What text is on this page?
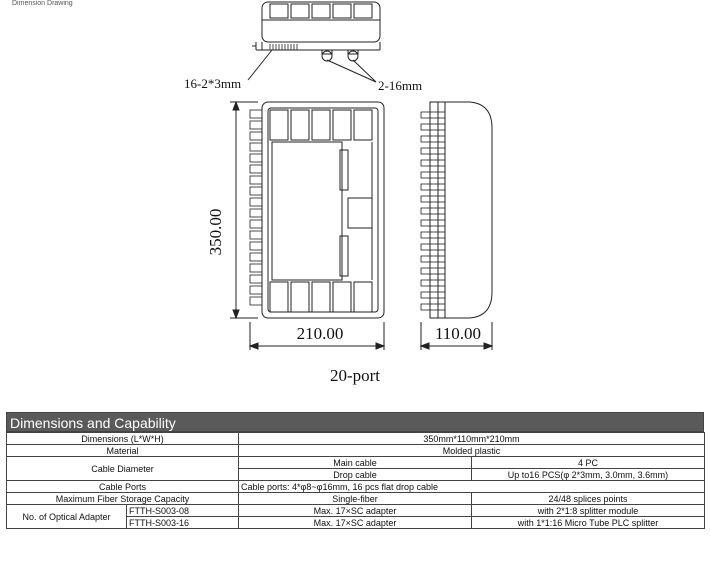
Dimension Drawing
16-2*3mm	2-16mm
350.00
210.00	110.00
20-port
Dimensions and Capability
Dimensions (L*W*H)		350mm*110mm*210mm	
Material		Molded plastic	
Cable Diameter		Main cable	4 PC
		Drop cable	Up to16 PCS(φ 2*3mm, 3.0mm, 3.6mm)
Cable Ports		Cable ports: 4*φ8~φ16mm, 16 pcs flat drop cable	
Maximum Fiber Storage Capacity		Single-fiber	24/48 splices points
No. of Optical Adapter	FTTH-S003-08	Max. 17×SC adapter	with 2*1:8 splitter module
	FTTH-S003-16	Max. 17×SC adapter	with 1*1:16 Micro Tube PLC splitter
